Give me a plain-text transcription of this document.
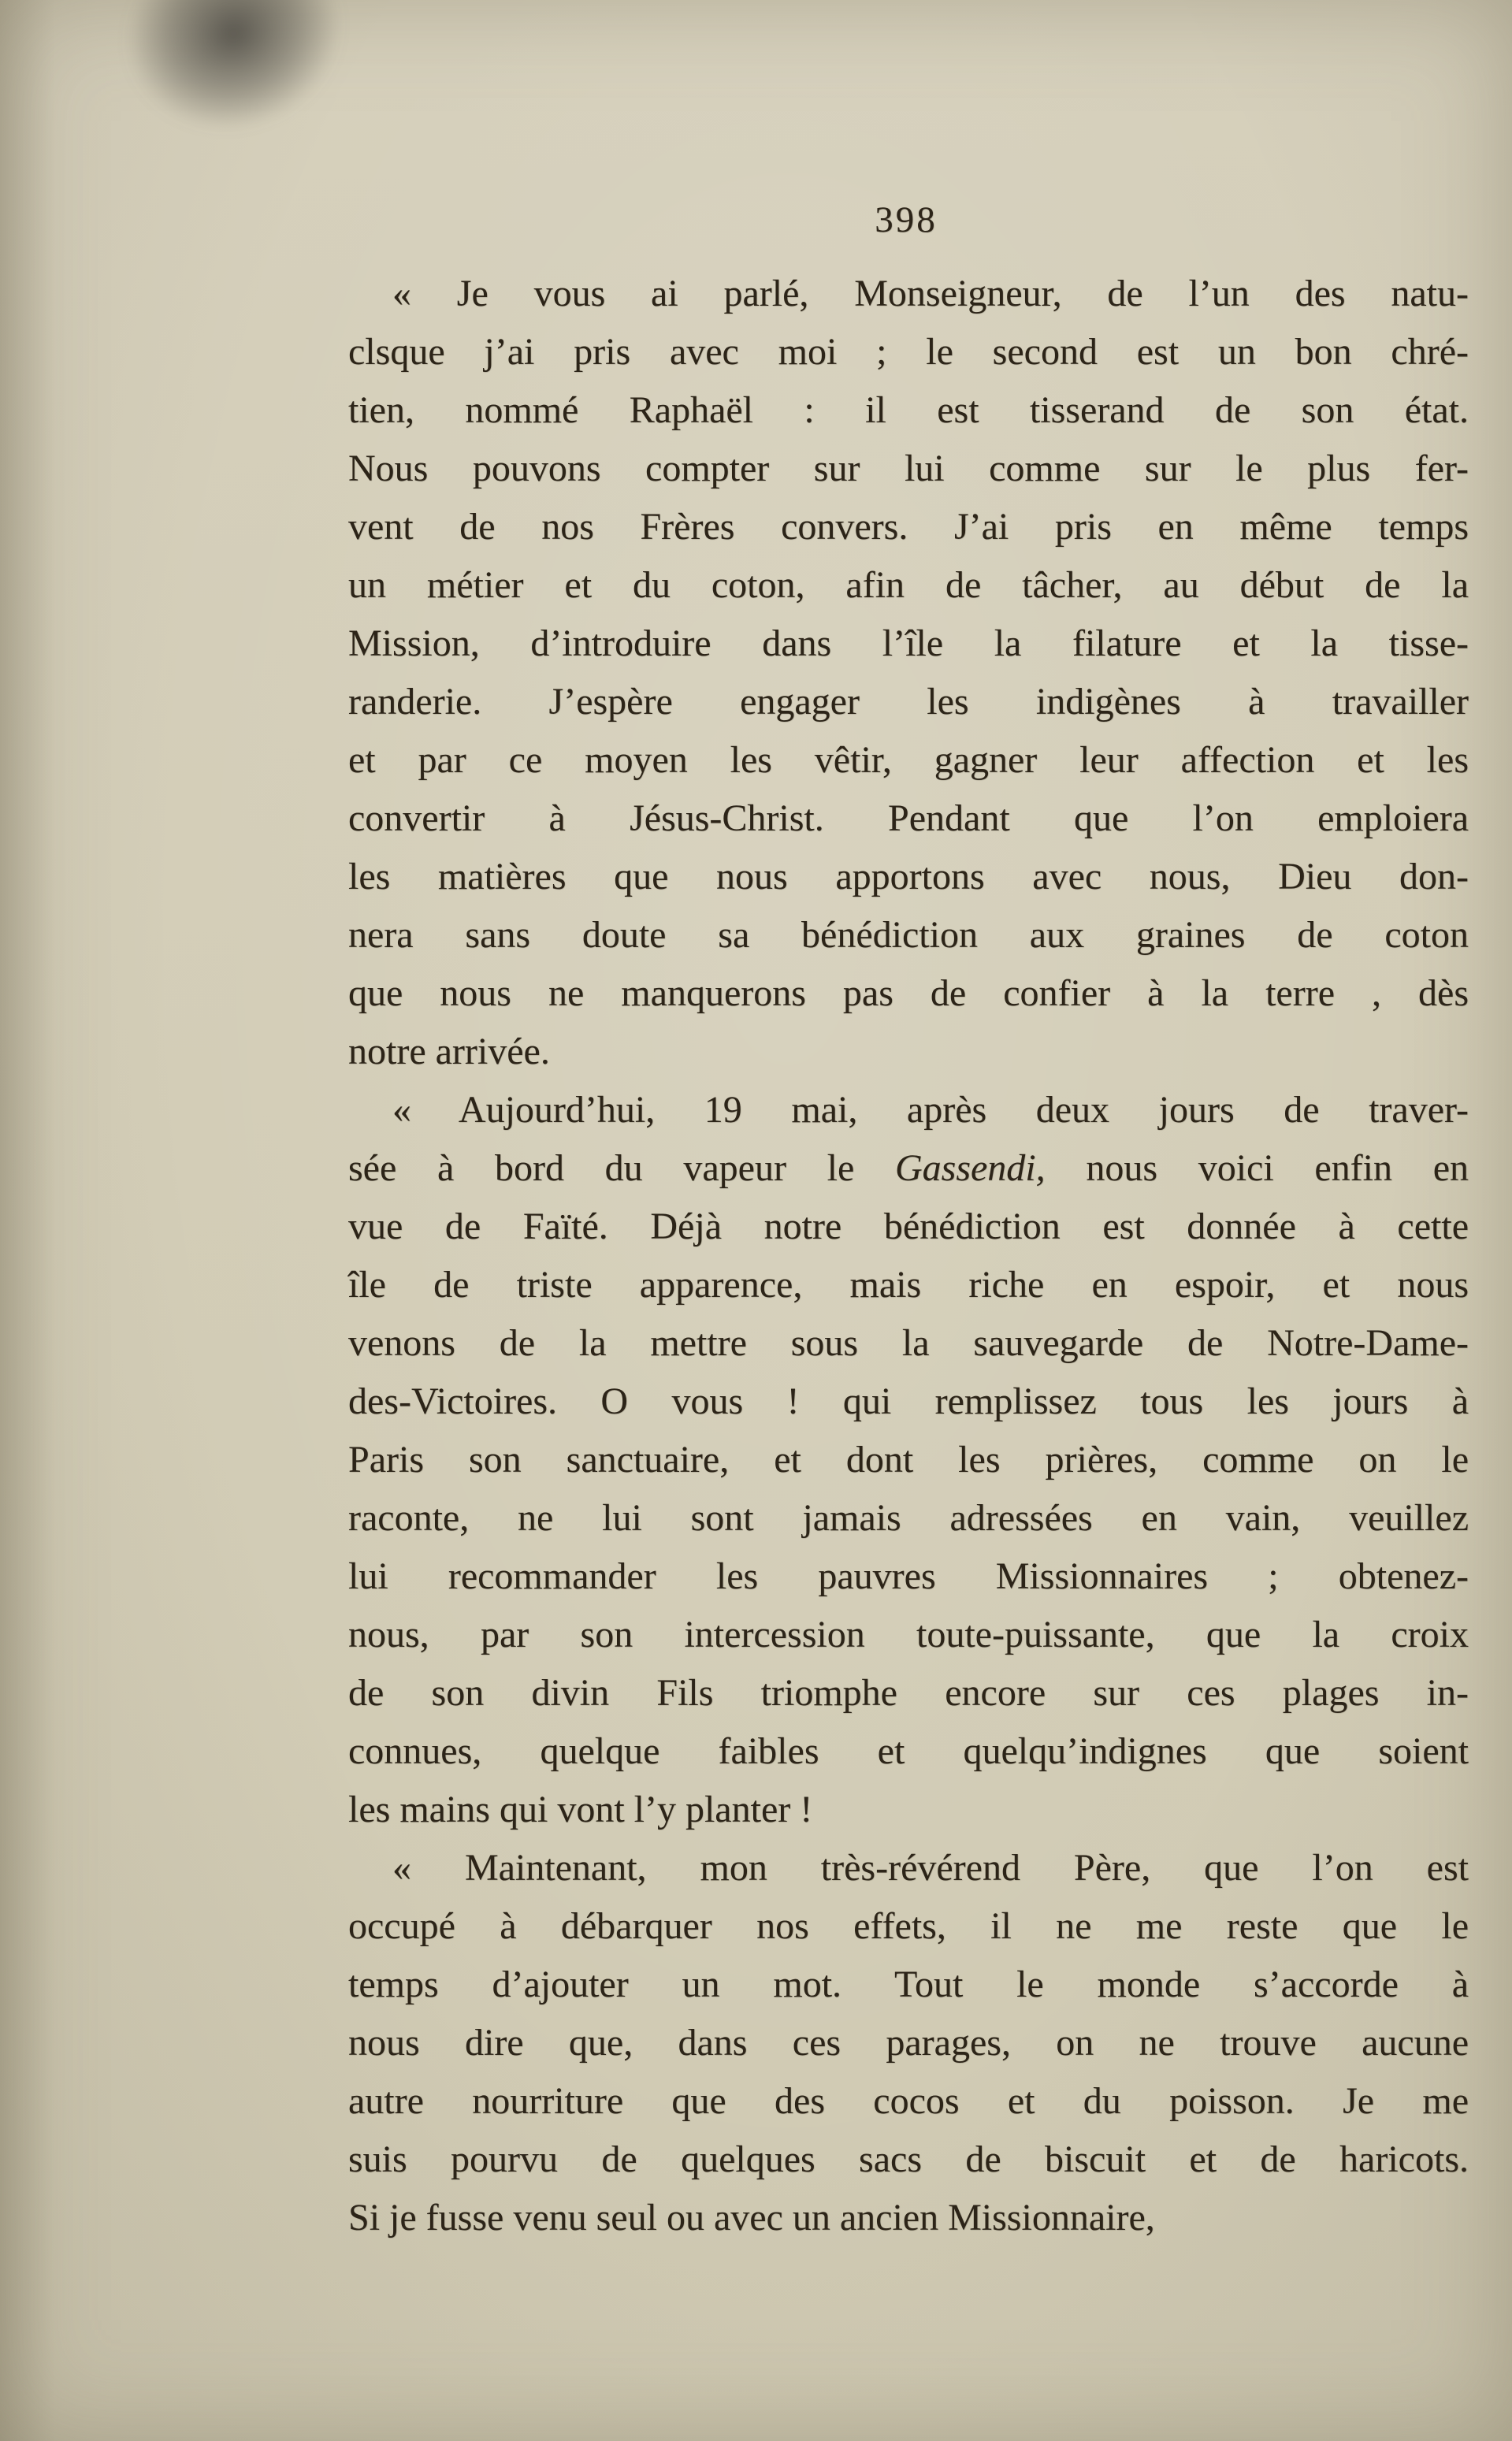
398
« Je vous ai parlé, Monseigneur, de l’un des natu-
clsque j’ai pris avec moi ; le second est un bon chré-
tien, nommé Raphaël : il est tisserand de son état.
Nous pouvons compter sur lui comme sur le plus fer-
vent de nos Frères convers. J’ai pris en même temps
un métier et du coton, afin de tâcher, au début de la
Mission, d’introduire dans l’île la filature et la tisse-
randerie. J’espère engager les indigènes à travailler
et par ce moyen les vêtir, gagner leur affection et les
convertir à Jésus-Christ. Pendant que l’on emploiera
les matières que nous apportons avec nous, Dieu don-
nera sans doute sa bénédiction aux graines de coton
que nous ne manquerons pas de confier à la terre , dès
notre arrivée.
« Aujourd’hui, 19 mai, après deux jours de traver-
sée à bord du vapeur le Gassendi, nous voici enfin en
vue de Faïté. Déjà notre bénédiction est donnée à cette
île de triste apparence, mais riche en espoir, et nous
venons de la mettre sous la sauvegarde de Notre-Dame-
des-Victoires. O vous ! qui remplissez tous les jours à
Paris son sanctuaire, et dont les prières, comme on le
raconte, ne lui sont jamais adressées en vain, veuillez
lui recommander les pauvres Missionnaires ; obtenez-
nous, par son intercession toute-puissante, que la croix
de son divin Fils triomphe encore sur ces plages in-
connues, quelque faibles et quelqu’indignes que soient
les mains qui vont l’y planter !
« Maintenant, mon très-révérend Père, que l’on est
occupé à débarquer nos effets, il ne me reste que le
temps d’ajouter un mot. Tout le monde s’accorde à
nous dire que, dans ces parages, on ne trouve aucune
autre nourriture que des cocos et du poisson. Je me
suis pourvu de quelques sacs de biscuit et de haricots.
Si je fusse venu seul ou avec un ancien Missionnaire,
